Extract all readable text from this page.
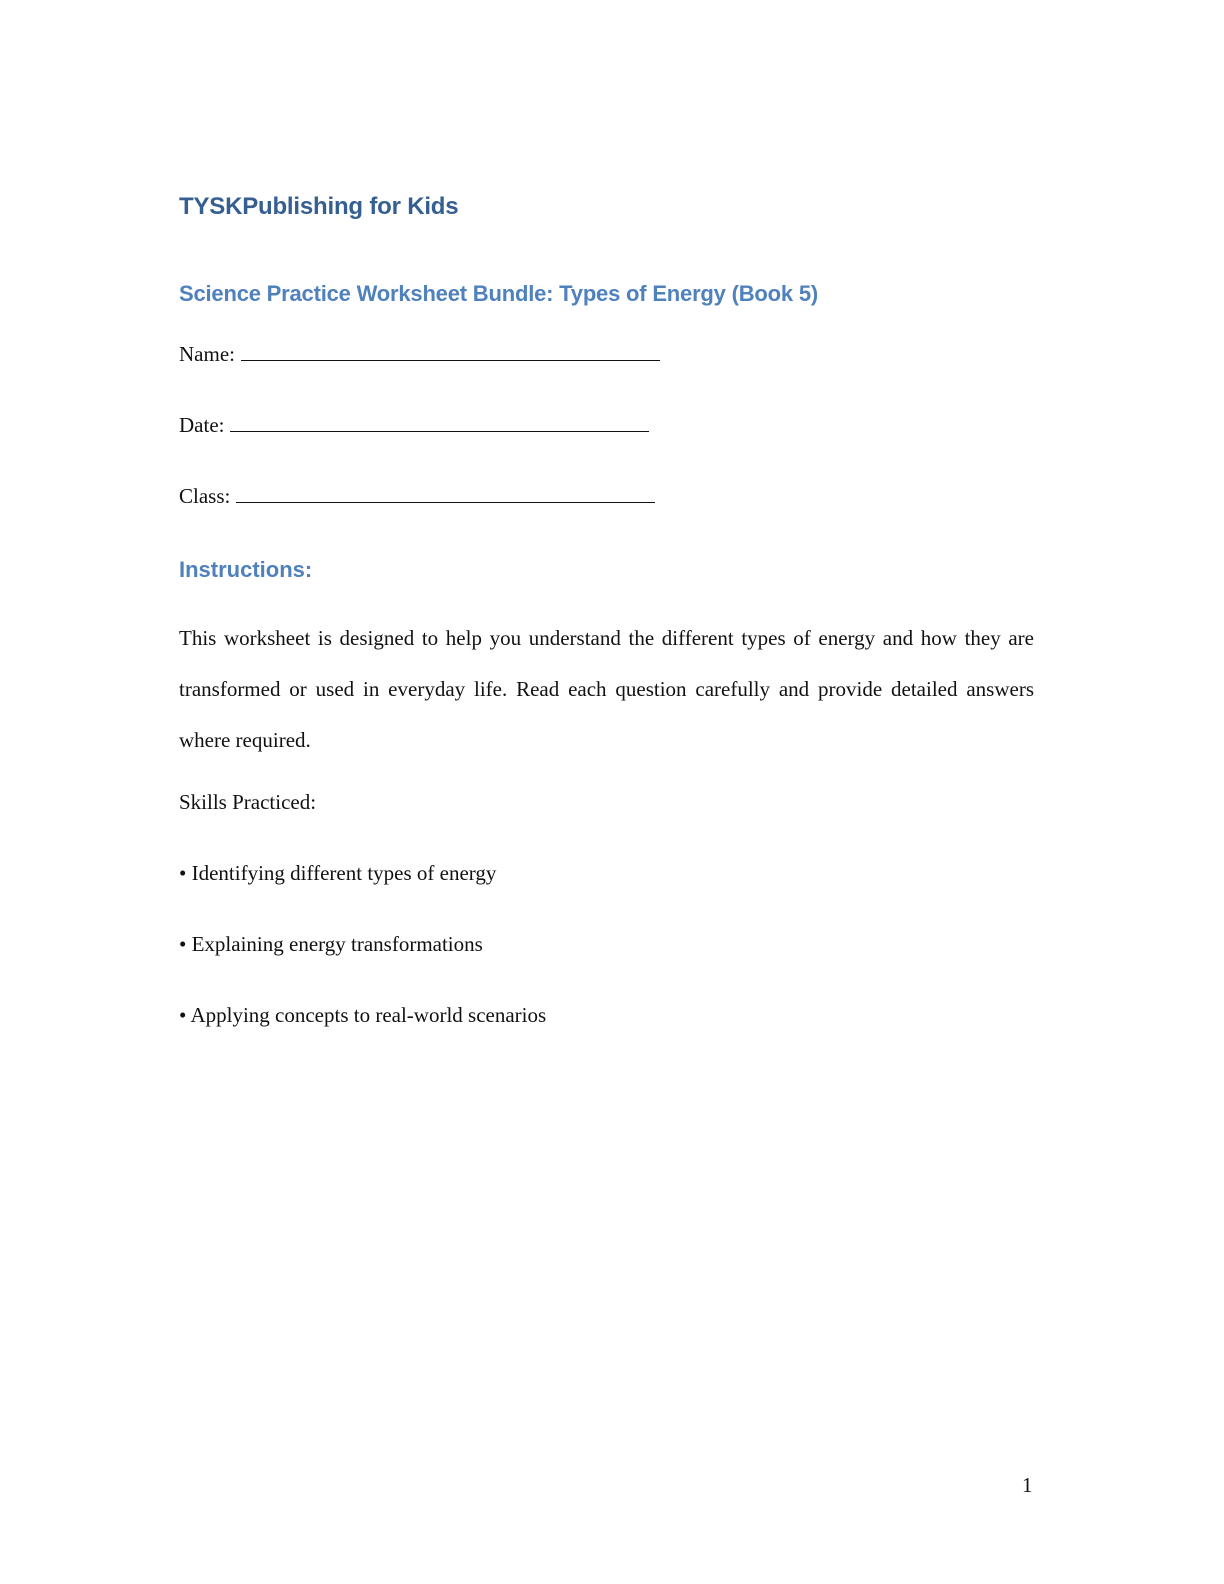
TYSKPublishing for Kids
Science Practice Worksheet Bundle: Types of Energy (Book 5)

Name:

Date:

Class:

Instructions:

This worksheet is designed to help you understand the different types of energy and how they are transformed or used in everyday life. Read each question carefully and provide detailed answers where required.

Skills Practiced:

• Identifying different types of energy

• Explaining energy transformations

• Applying concepts to real-world scenarios

1
